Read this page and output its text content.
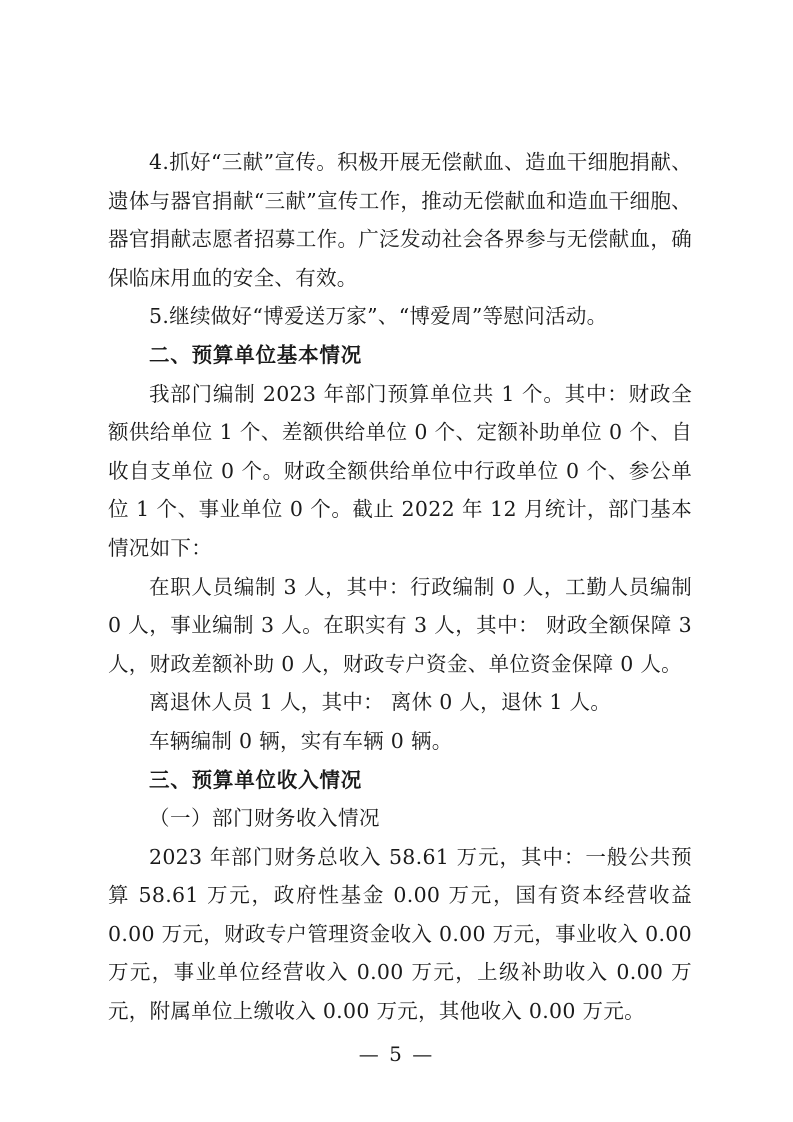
4.抓好“三献”宣传。积极开展无偿献血、造血干细胞捐献、遗体与器官捐献“三献”宣传工作，推动无偿献血和造血干细胞、器官捐献志愿者招募工作。广泛发动社会各界参与无偿献血，确保临床用血的安全、有效。

5.继续做好“博爱送万家”、“博爱周”等慰问活动。

二、预算单位基本情况

我部门编制 2023 年部门预算单位共 1 个。其中：财政全额供给单位 1 个、差额供给单位 0 个、定额补助单位 0 个、自收自支单位 0 个。财政全额供给单位中行政单位 0 个、参公单位 1 个、事业单位 0 个。截止 2022 年 12 月统计，部门基本情况如下：

在职人员编制 3 人，其中：行政编制 0 人，工勤人员编制 0 人，事业编制 3 人。在职实有 3 人，其中： 财政全额保障 3 人，财政差额补助 0 人，财政专户资金、单位资金保障 0 人。

离退休人员 1 人，其中： 离休 0 人，退休 1 人。

车辆编制 0 辆，实有车辆 0 辆。

三、预算单位收入情况

（一）部门财务收入情况

2023 年部门财务总收入 58.61 万元，其中：一般公共预算 58.61 万元，政府性基金 0.00 万元，国有资本经营收益 0.00 万元，财政专户管理资金收入 0.00 万元，事业收入 0.00 万元，事业单位经营收入 0.00 万元，上级补助收入 0.00 万元，附属单位上缴收入 0.00 万元，其他收入 0.00 万元。

— 5 —
